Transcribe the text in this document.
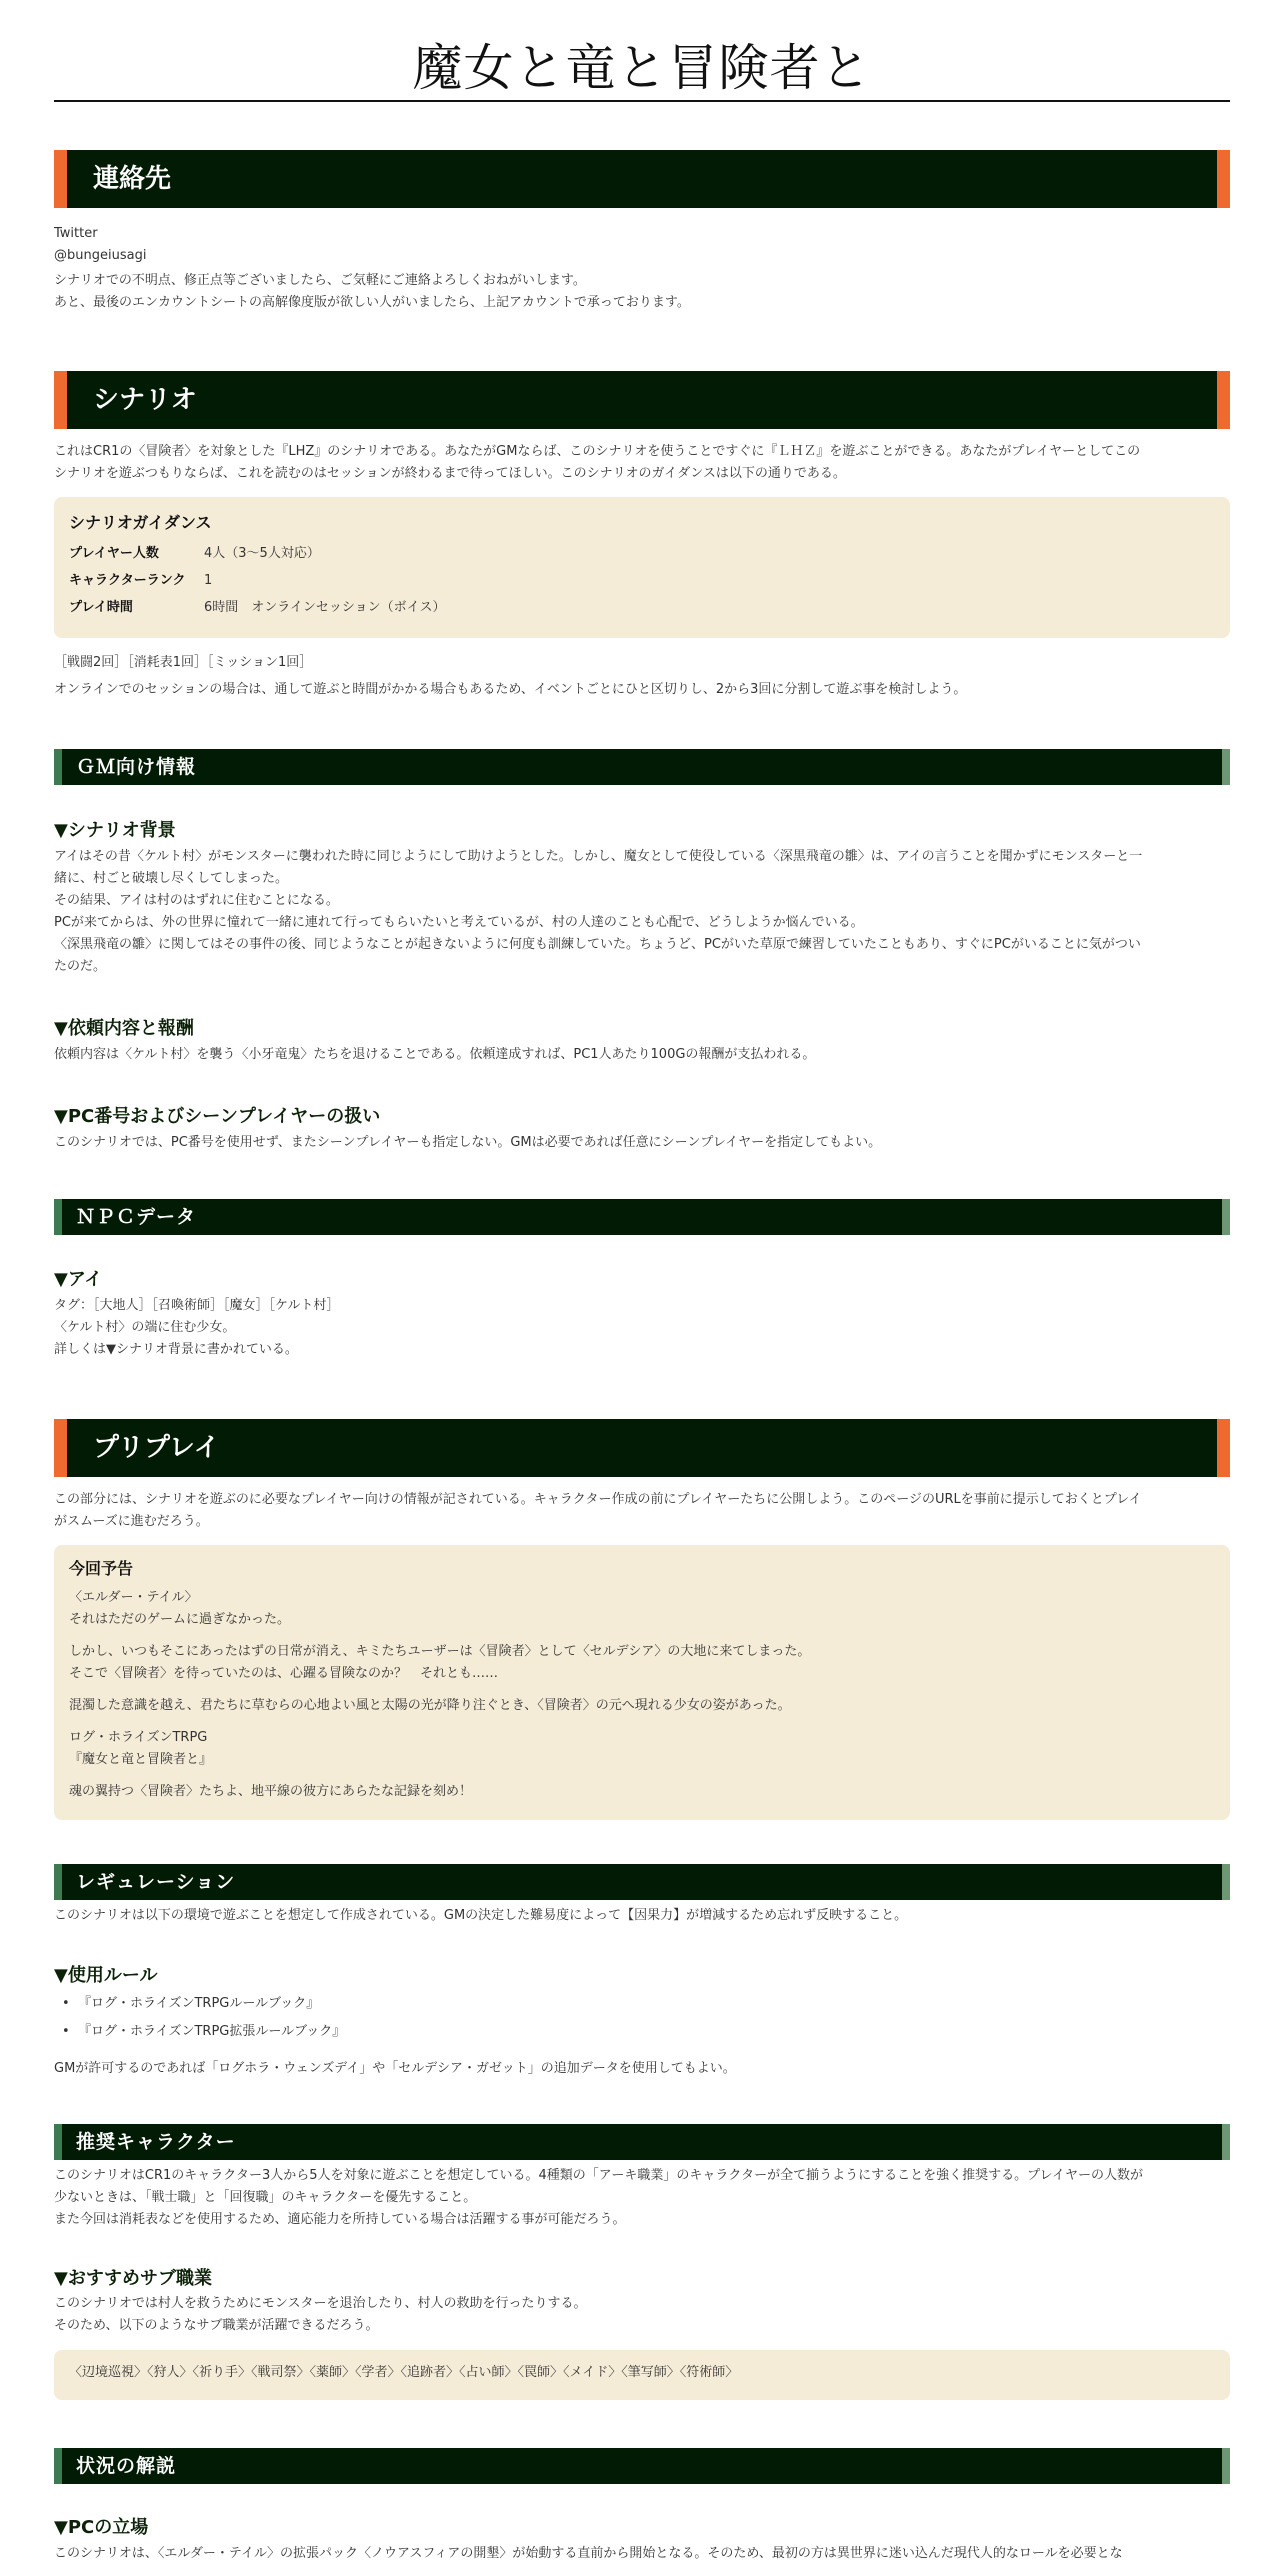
魔女と竜と冒険者と
連絡先

Twitter

@bungeiusagi

シナリオでの不明点、修正点等ございましたら、ご気軽にご連絡よろしくおねがいします。

あと、最後のエンカウントシートの高解像度版が欲しい人がいましたら、上記アカウントで承っております。

シナリオ

これはCR1の〈冒険者〉を対象とした『LHZ』のシナリオである。あなたがGMならば、このシナリオを使うことですぐに『ＬＨＺ』を遊ぶことができる。あなたがプレイヤーとしてこの

シナリオを遊ぶつもりならば、これを読むのはセッションが終わるまで待ってほしい。このシナリオのガイダンスは以下の通りである。

シナリオガイダンス
プレイヤー人数	4人（3～5人対応）
キャラクターランク	1
プレイ時間	6時間　オンラインセッション（ボイス）

［戦闘2回］［消耗表1回］［ミッション1回］

オンラインでのセッションの場合は、通して遊ぶと時間がかかる場合もあるため、イベントごとにひと区切りし、2から3回に分割して遊ぶ事を検討しよう。

ＧＭ向け情報
▼シナリオ背景

アイはその昔〈ケルト村〉がモンスターに襲われた時に同じようにして助けようとした。しかし、魔女として使役している〈深黒飛竜の雛〉は、アイの言うことを聞かずにモンスターと一

緒に、村ごと破壊し尽くしてしまった。

その結果、アイは村のはずれに住むことになる。

PCが来てからは、外の世界に憧れて一緒に連れて行ってもらいたいと考えているが、村の人達のことも心配で、どうしようか悩んでいる。

〈深黒飛竜の雛〉に関してはその事件の後、同じようなことが起きないように何度も訓練していた。ちょうど、PCがいた草原で練習していたこともあり、すぐにPCがいることに気がつい

たのだ。

▼依頼内容と報酬

依頼内容は〈ケルト村〉を襲う〈小牙竜鬼〉たちを退けることである。依頼達成すれば、PC1人あたり100Gの報酬が支払われる。

▼PC番号およびシーンプレイヤーの扱い

このシナリオでは、PC番号を使用せず、またシーンプレイヤーも指定しない。GMは必要であれば任意にシーンプレイヤーを指定してもよい。

ＮＰＣデータ
▼アイ

タグ：［大地人］［召喚術師］［魔女］［ケルト村］

〈ケルト村〉の端に住む少女。

詳しくは▼シナリオ背景に書かれている。

プリプレイ

この部分には、シナリオを遊ぶのに必要なプレイヤー向けの情報が記されている。キャラクター作成の前にプレイヤーたちに公開しよう。このページのURLを事前に提示しておくとプレイ

がスムーズに進むだろう。

今回予告

〈エルダー・テイル〉

それはただのゲームに過ぎなかった。

しかし、いつもそこにあったはずの日常が消え、キミたちユーザーは〈冒険者〉として〈セルデシア〉の大地に来てしまった。

そこで〈冒険者〉を待っていたのは、心躍る冒険なのか？　それとも……

混濁した意識を越え、君たちに草むらの心地よい風と太陽の光が降り注ぐとき、〈冒険者〉の元へ現れる少女の姿があった。

ログ・ホライズンTRPG

『魔女と竜と冒険者と』

魂の翼持つ〈冒険者〉たちよ、地平線の彼方にあらたな記録を刻め！

レギュレーション

このシナリオは以下の環境で遊ぶことを想定して作成されている。GMの決定した難易度によって【因果力】が増減するため忘れず反映すること。

▼使用ルール
• 『ログ・ホライズンTRPGルールブック』
• 『ログ・ホライズンTRPG拡張ルールブック』

GMが許可するのであれば「ログホラ・ウェンズデイ」や「セルデシア・ガゼット」の追加データを使用してもよい。

推奨キャラクター

このシナリオはCR1のキャラクター3人から5人を対象に遊ぶことを想定している。4種類の「アーキ職業」のキャラクターが全て揃うようにすることを強く推奨する。プレイヤーの人数が

少ないときは、「戦士職」と「回復職」のキャラクターを優先すること。

また今回は消耗表などを使用するため、適応能力を所持している場合は活躍する事が可能だろう。

▼おすすめサブ職業

このシナリオでは村人を救うためにモンスターを退治したり、村人の救助を行ったりする。

そのため、以下のようなサブ職業が活躍できるだろう。

〈辺境巡視〉〈狩人〉〈祈り手〉〈戦司祭〉〈薬師〉〈学者〉〈追跡者〉〈占い師〉〈罠師〉〈メイド〉〈筆写師〉〈符術師〉

状況の解説
▼PCの立場

このシナリオは、〈エルダー・テイル〉の拡張パック〈ノウアスフィアの開墾〉が始動する直前から開始となる。そのため、最初の方は異世界に迷い込んだ現代人的なロールを必要とな
